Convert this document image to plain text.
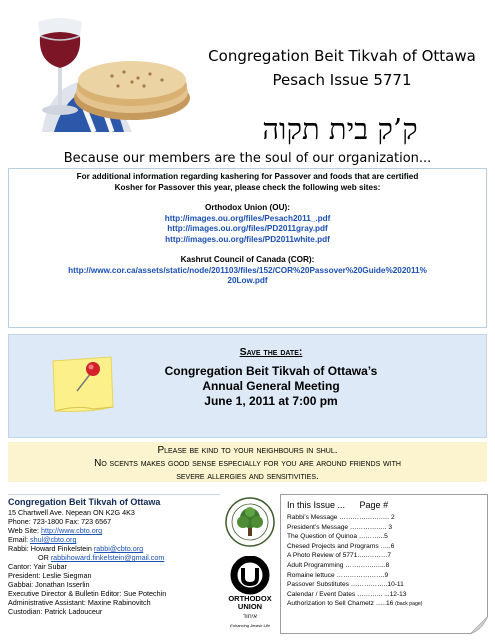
Congregation Beit Tikvah of Ottawa
Pesach Issue 5771
ק’ק בית תקוה
Because our members are the soul of our organization...

For additional information regarding kashering for Passover and foods that are certified

Kosher for Passover this year, please check the following web sites:

Orthodox Union (OU):

http://images.ou.org/files/Pesach2011_.pdf

http://images.ou.org/files/PD2011gray.pdf

http://images.ou.org/files/PD2011white.pdf

Kashrut Council of Canada (COR):

http://www.cor.ca/assets/static/node/201103/files/152/COR%20Passover%20Guide%202011%
20Low.pdf

Save the date:
Congregation Beit Tikvah of Ottawa’s
Annual General Meeting
June 1, 2011 at 7:00 pm
Please be kind to your neighbours in shul.
No scents makes good sense especially for you are around friends with
severe allergies and sensitivities.
Congregation Beit Tikvah of Ottawa
15 Chartwell Ave. Nepean ON K2G 4K3
Phone: 723-1800 Fax: 723 6567
Web Site: http://www.cbto.org
Email: shul@cbto.org
Rabbi: Howard Finkelstein rabbi@cbto.org
OR rabbihoward.finkelstein@gmail.com
Cantor: Yair Subar
President: Leslie Siegman
Gabbai: Jonathan Isserlin
Executive Director & Bulletin Editor: Sue Potechin
Administrative Assistant: Maxine Rabinovitch
Custodian: Patrick Ladouceur
ORTHODOX
UNION
איחוד
Enhancing Jewish Life
In this Issue ... Page #
Rabbi’s Message ……………….…. 2
President’s Message …………….. 3
The Question of Quinoa ………...5
Chesed Projects and Programs …..6
A Photo Review of 5771..…………7
Adult Programming ………….…...8
Romaine lettuce ………………….9
Passover Substitutes ……………..10-11
Calendar / Event Dates ………... ...12-13
Authorization to Sell Chametz …..16 (back page)
